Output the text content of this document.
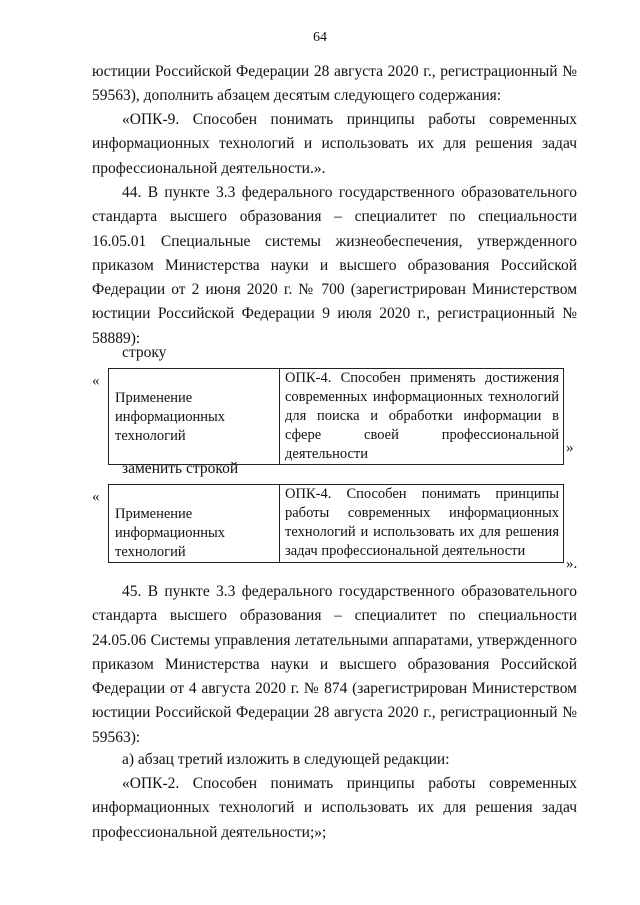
64
юстиции Российской Федерации 28 августа 2020 г., регистрационный № 59563), дополнить абзацем десятым следующего содержания:
«ОПК-9. Способен понимать принципы работы современных информационных технологий и использовать их для решения задач профессиональной деятельности.».
44. В пункте 3.3 федерального государственного образовательного стандарта высшего образования – специалитет по специальности 16.05.01 Специальные системы жизнеобеспечения, утвержденного приказом Министерства науки и высшего образования Российской Федерации от 2 июня 2020 г. № 700 (зарегистрирован Министерством юстиции Российской Федерации 9 июля 2020 г., регистрационный № 58889):
строку
«
Применение информационных технологий	ОПК-4. Способен применять достижения современных информационных технологий для поиска и обработки информации в сфере своей профессиональной деятельности	»
заменить строкой
«
Применение информационных технологий	ОПК-4. Способен понимать принципы работы современных информационных технологий и использовать их для решения задач профессиональной деятельности
».
45. В пункте 3.3 федерального государственного образовательного стандарта высшего образования – специалитет по специальности 24.05.06 Системы управления летательными аппаратами, утвержденного приказом Министерства науки и высшего образования Российской Федерации от 4 августа 2020 г. № 874 (зарегистрирован Министерством юстиции Российской Федерации 28 августа 2020 г., регистрационный № 59563):
а) абзац третий изложить в следующей редакции:
«ОПК-2. Способен понимать принципы работы современных информационных технологий и использовать их для решения задач профессиональной деятельности;»;
